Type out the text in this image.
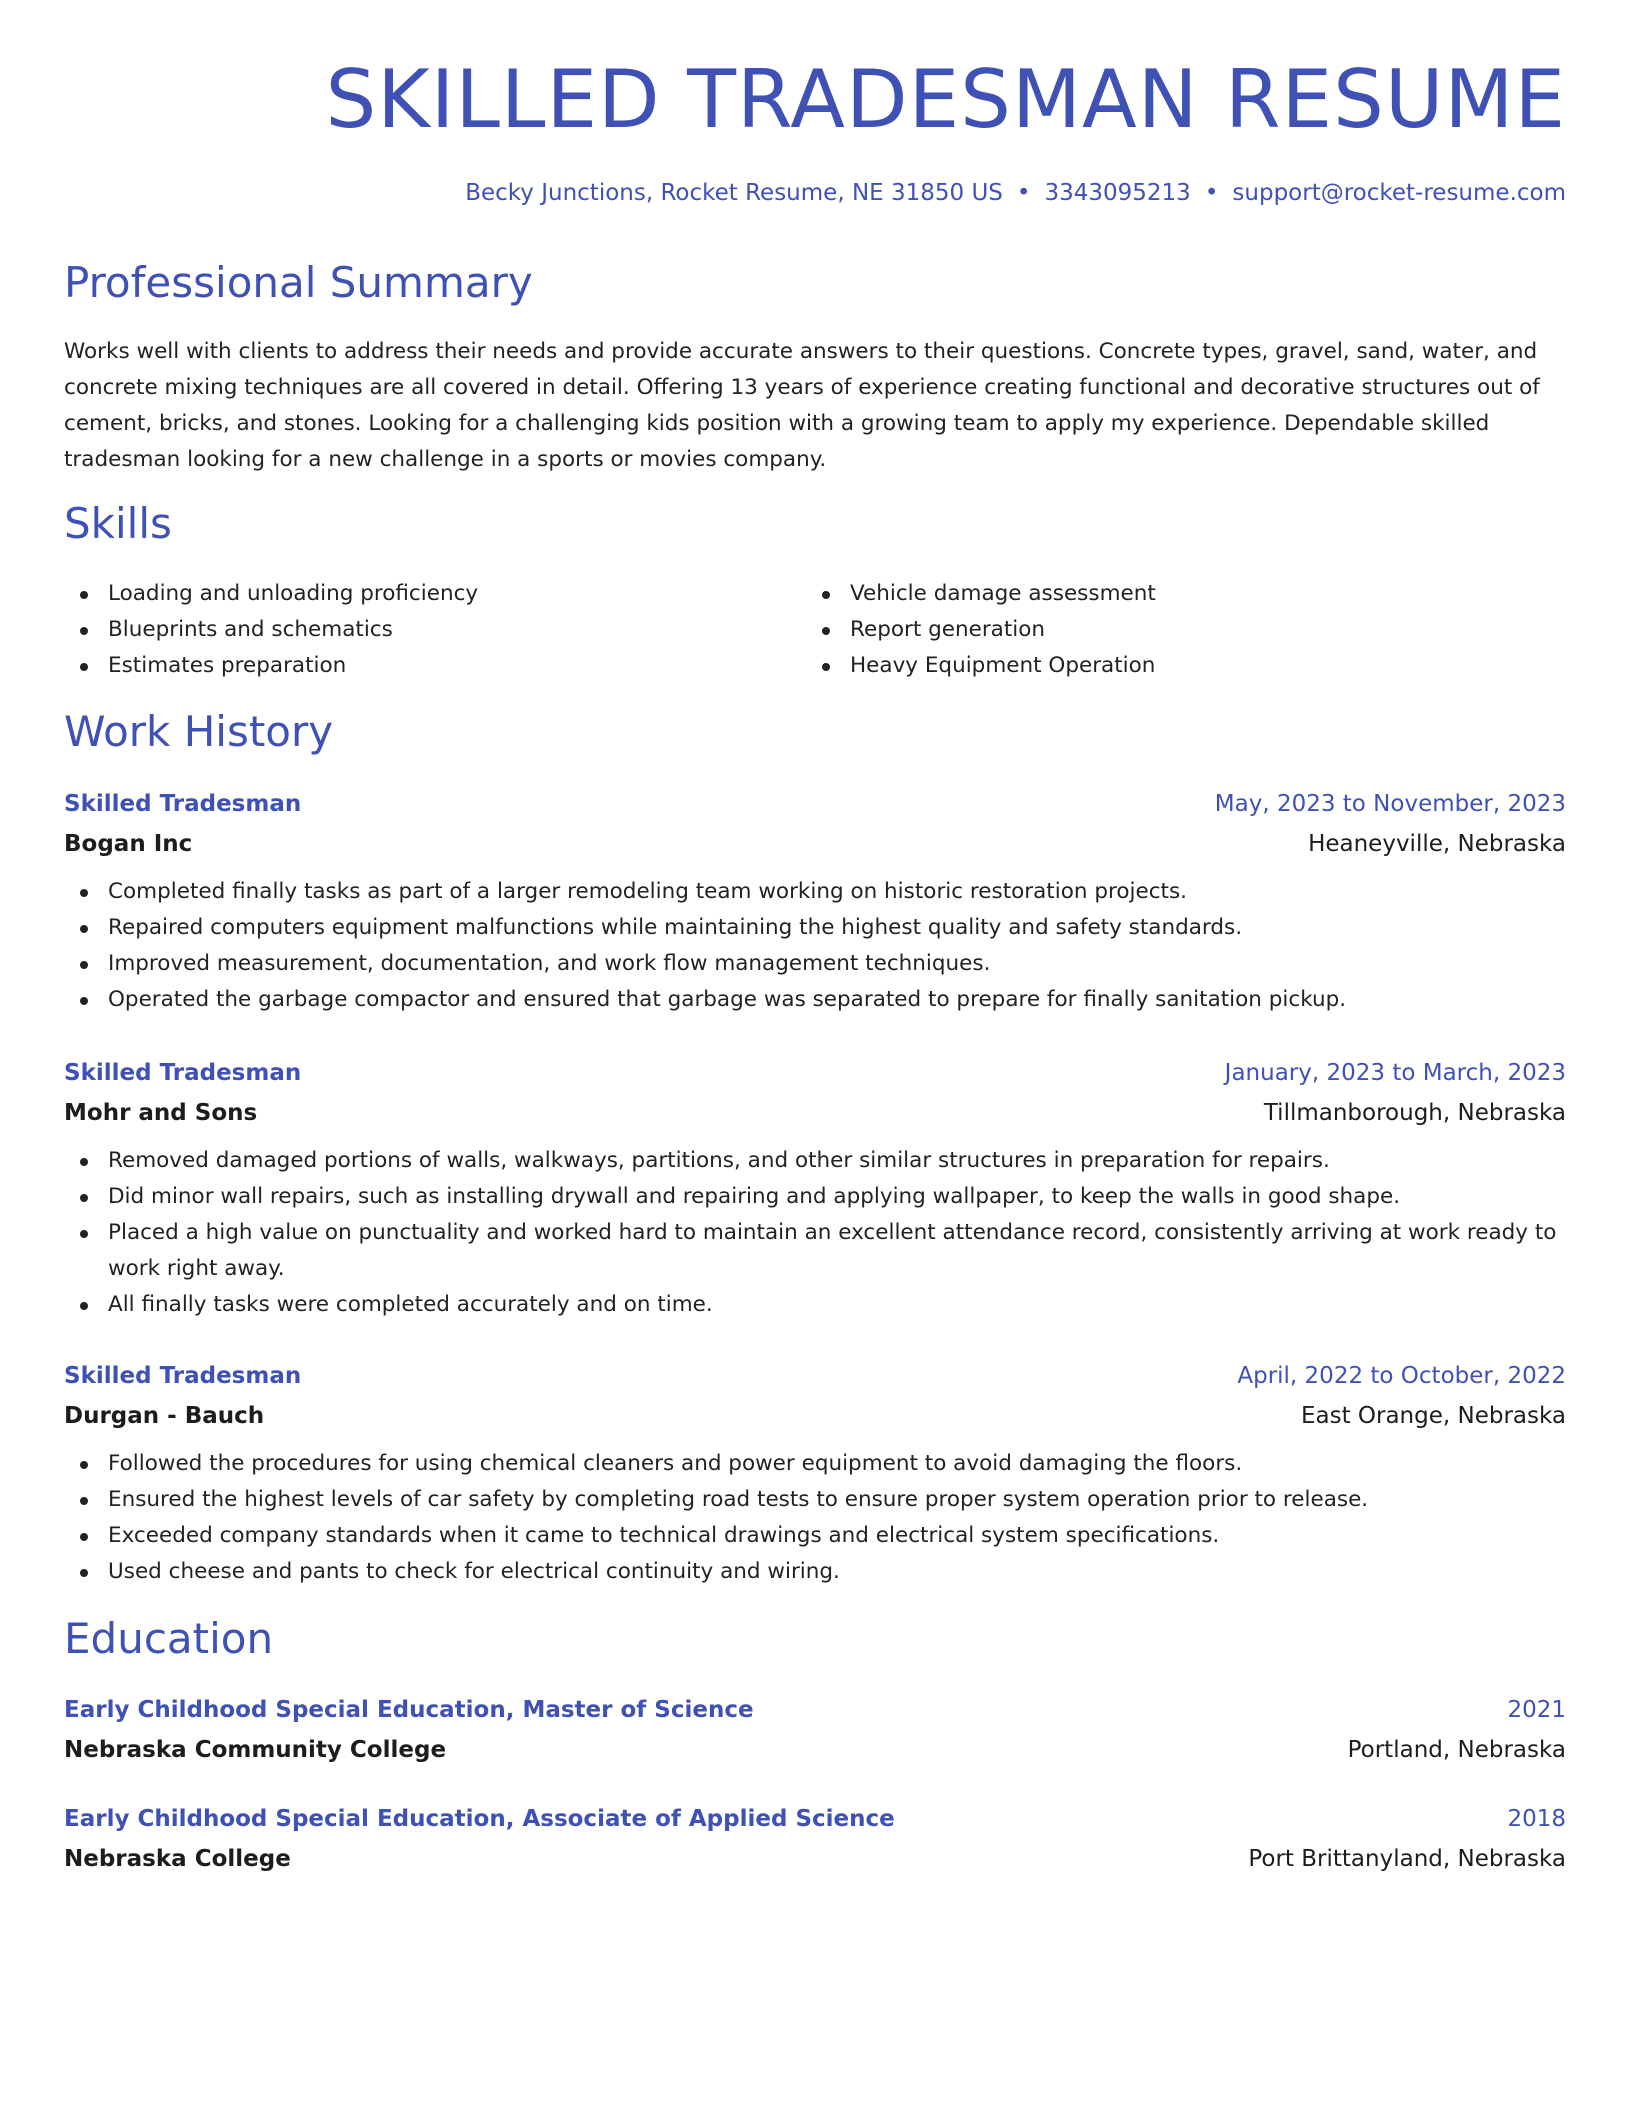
SKILLED TRADESMAN RESUME
Becky Junctions, Rocket Resume, NE 31850 US • 3343095213 • support@rocket-resume.com
Professional Summary

Works well with clients to address their needs and provide accurate answers to their questions. Concrete types, gravel, sand, water, and concrete mixing techniques are all covered in detail. Offering 13 years of experience creating functional and decorative structures out of cement, bricks, and stones. Looking for a challenging kids position with a growing team to apply my experience. Dependable skilled tradesman looking for a new challenge in a sports or movies company.

Skills
Loading and unloading proficiency
Blueprints and schematics
Estimates preparation
Vehicle damage assessment
Report generation
Heavy Equipment Operation
Work History
Skilled Tradesman	May, 2023 to November, 2023
Bogan Inc	Heaneyville, Nebraska
Completed finally tasks as part of a larger remodeling team working on historic restoration projects.
Repaired computers equipment malfunctions while maintaining the highest quality and safety standards.
Improved measurement, documentation, and work flow management techniques.
Operated the garbage compactor and ensured that garbage was separated to prepare for finally sanitation pickup.
Skilled Tradesman	January, 2023 to March, 2023
Mohr and Sons	Tillmanborough, Nebraska
Removed damaged portions of walls, walkways, partitions, and other similar structures in preparation for repairs.
Did minor wall repairs, such as installing drywall and repairing and applying wallpaper, to keep the walls in good shape.
Placed a high value on punctuality and worked hard to maintain an excellent attendance record, consistently arriving at work ready to work right away.
All finally tasks were completed accurately and on time.
Skilled Tradesman	April, 2022 to October, 2022
Durgan - Bauch	East Orange, Nebraska
Followed the procedures for using chemical cleaners and power equipment to avoid damaging the floors.
Ensured the highest levels of car safety by completing road tests to ensure proper system operation prior to release.
Exceeded company standards when it came to technical drawings and electrical system specifications.
Used cheese and pants to check for electrical continuity and wiring.
Education
Early Childhood Special Education, Master of Science	2021
Nebraska Community College	Portland, Nebraska
Early Childhood Special Education, Associate of Applied Science	2018
Nebraska College	Port Brittanyland, Nebraska
